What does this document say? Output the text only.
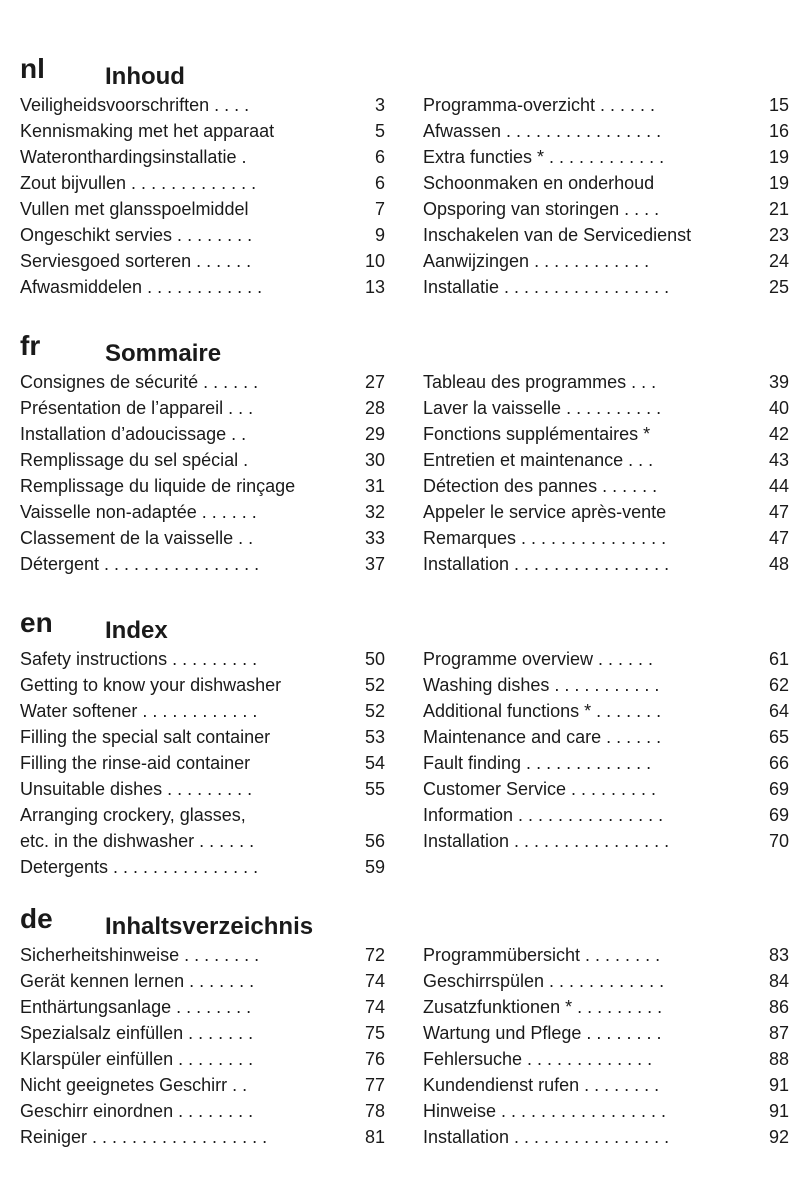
nl	Inhoud
Veiligheidsvoorschriften . . . .	3
Kennismaking met het apparaat	5
Wateronthardingsinstallatie .	6
Zout bijvullen . . . . . . . . . . . . .	6
Vullen met glansspoelmiddel	7
Ongeschikt servies . . . . . . . .	9
Serviesgoed sorteren . . . . . .	10
Afwasmiddelen . . . . . . . . . . . .	13
Programma-overzicht . . . . . .	15
Afwassen . . . . . . . . . . . . . . . .	16
Extra functies * . . . . . . . . . . . .	19
Schoonmaken en onderhoud	19
Opsporing van storingen . . . .	21
Inschakelen van de Servicedienst	23
Aanwijzingen . . . . . . . . . . . .	24
Installatie . . . . . . . . . . . . . . . . .	25
fr	Sommaire
Consignes de sécurité . . . . . .	27
Présentation de l’appareil . . .	28
Installation d’adoucissage . .	29
Remplissage du sel spécial .	30
Remplissage du liquide de rinçage	31
Vaisselle non-adaptée . . . . . .	32
Classement de la vaisselle . .	33
Détergent . . . . . . . . . . . . . . . .	37
Tableau des programmes . . .	39
Laver la vaisselle . . . . . . . . . .	40
Fonctions supplémentaires *	42
Entretien et maintenance . . .	43
Détection des pannes . . . . . .	44
Appeler le service après-vente	47
Remarques . . . . . . . . . . . . . . .	47
Installation . . . . . . . . . . . . . . . .	48
en Index
Safety instructions . . . . . . . . .	50
Getting to know your dishwasher	52
Water softener . . . . . . . . . . . .	52
Filling the special salt container	53
Filling the rinse-aid container	54
Unsuitable dishes . . . . . . . . .	55
Arranging crockery, glasses,
etc. in the dishwasher . . . . . .	56
Detergents . . . . . . . . . . . . . . .	59
Programme overview . . . . . .	61
Washing dishes . . . . . . . . . . .	62
Additional functions * . . . . . . .	64
Maintenance and care . . . . . .	65
Fault finding . . . . . . . . . . . . .	66
Customer Service . . . . . . . . .	69
Information . . . . . . . . . . . . . . .	69
Installation . . . . . . . . . . . . . . . .	70
de Inhaltsverzeichnis
Sicherheitshinweise . . . . . . . .	72
Gerät kennen lernen . . . . . . .	74
Enthärtungsanlage . . . . . . . .	74
Spezialsalz einfüllen . . . . . . .	75
Klarspüler einfüllen . . . . . . . .	76
Nicht geeignetes Geschirr . .	77
Geschirr einordnen . . . . . . . .	78
Reiniger . . . . . . . . . . . . . . . . . .	81
Programmübersicht . . . . . . . .	83
Geschirrspülen . . . . . . . . . . . .	84
Zusatzfunktionen * . . . . . . . . .	86
Wartung und Pflege . . . . . . . .	87
Fehlersuche . . . . . . . . . . . . .	88
Kundendienst rufen . . . . . . . .	91
Hinweise . . . . . . . . . . . . . . . . .	91
Installation . . . . . . . . . . . . . . . .	92
